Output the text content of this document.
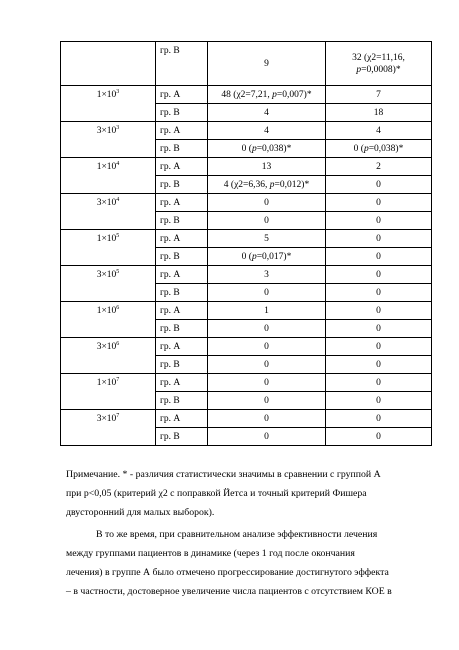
	гр. В	9	32 (χ2=11,16, p=0,0008)*
$1\times 10^3$	гр. А	48 (χ2=7,21, p=0,007)*	7
	гр. В	4	18
$3\times 10^3$	гр. А	4	4
	гр. В	0 (p=0,038)*	0 (p=0,038)*
$1\times 10^4$	гр. А	13	2
	гр. В	4 (χ2=6,36, p=0,012)*	0
$3\times 10^4$	гр. А	0	0
	гр. В	0	0
$1\times 10^5$	гр. А	5	0
	гр. В	0 (p=0,017)*	0
$3\times 10^5$	гр. А	3	0
	гр. В	0	0
$1\times 10^6$	гр. А	1	0
	гр. В	0	0
$3\times 10^6$	гр. А	0	0
	гр. В	0	0
$1\times 10^7$	гр. А	0	0
	гр. В	0	0
$3\times 10^7$	гр. А	0	0
	гр. В	0	0

Примечание. * - различия статистически значимы в сравнении с группой А

при p<0,05 (критерий χ2 с поправкой Йетса и точный критерий Фишера

двусторонний для малых выборок).

В то же время, при сравнительном анализе эффективности лечения

между группами пациентов в динамике (через 1 год после окончания

лечения) в группе А было отмечено прогрессирование достигнутого эффекта

– в частности, достоверное увеличение числа пациентов с отсутствием КОЕ в
